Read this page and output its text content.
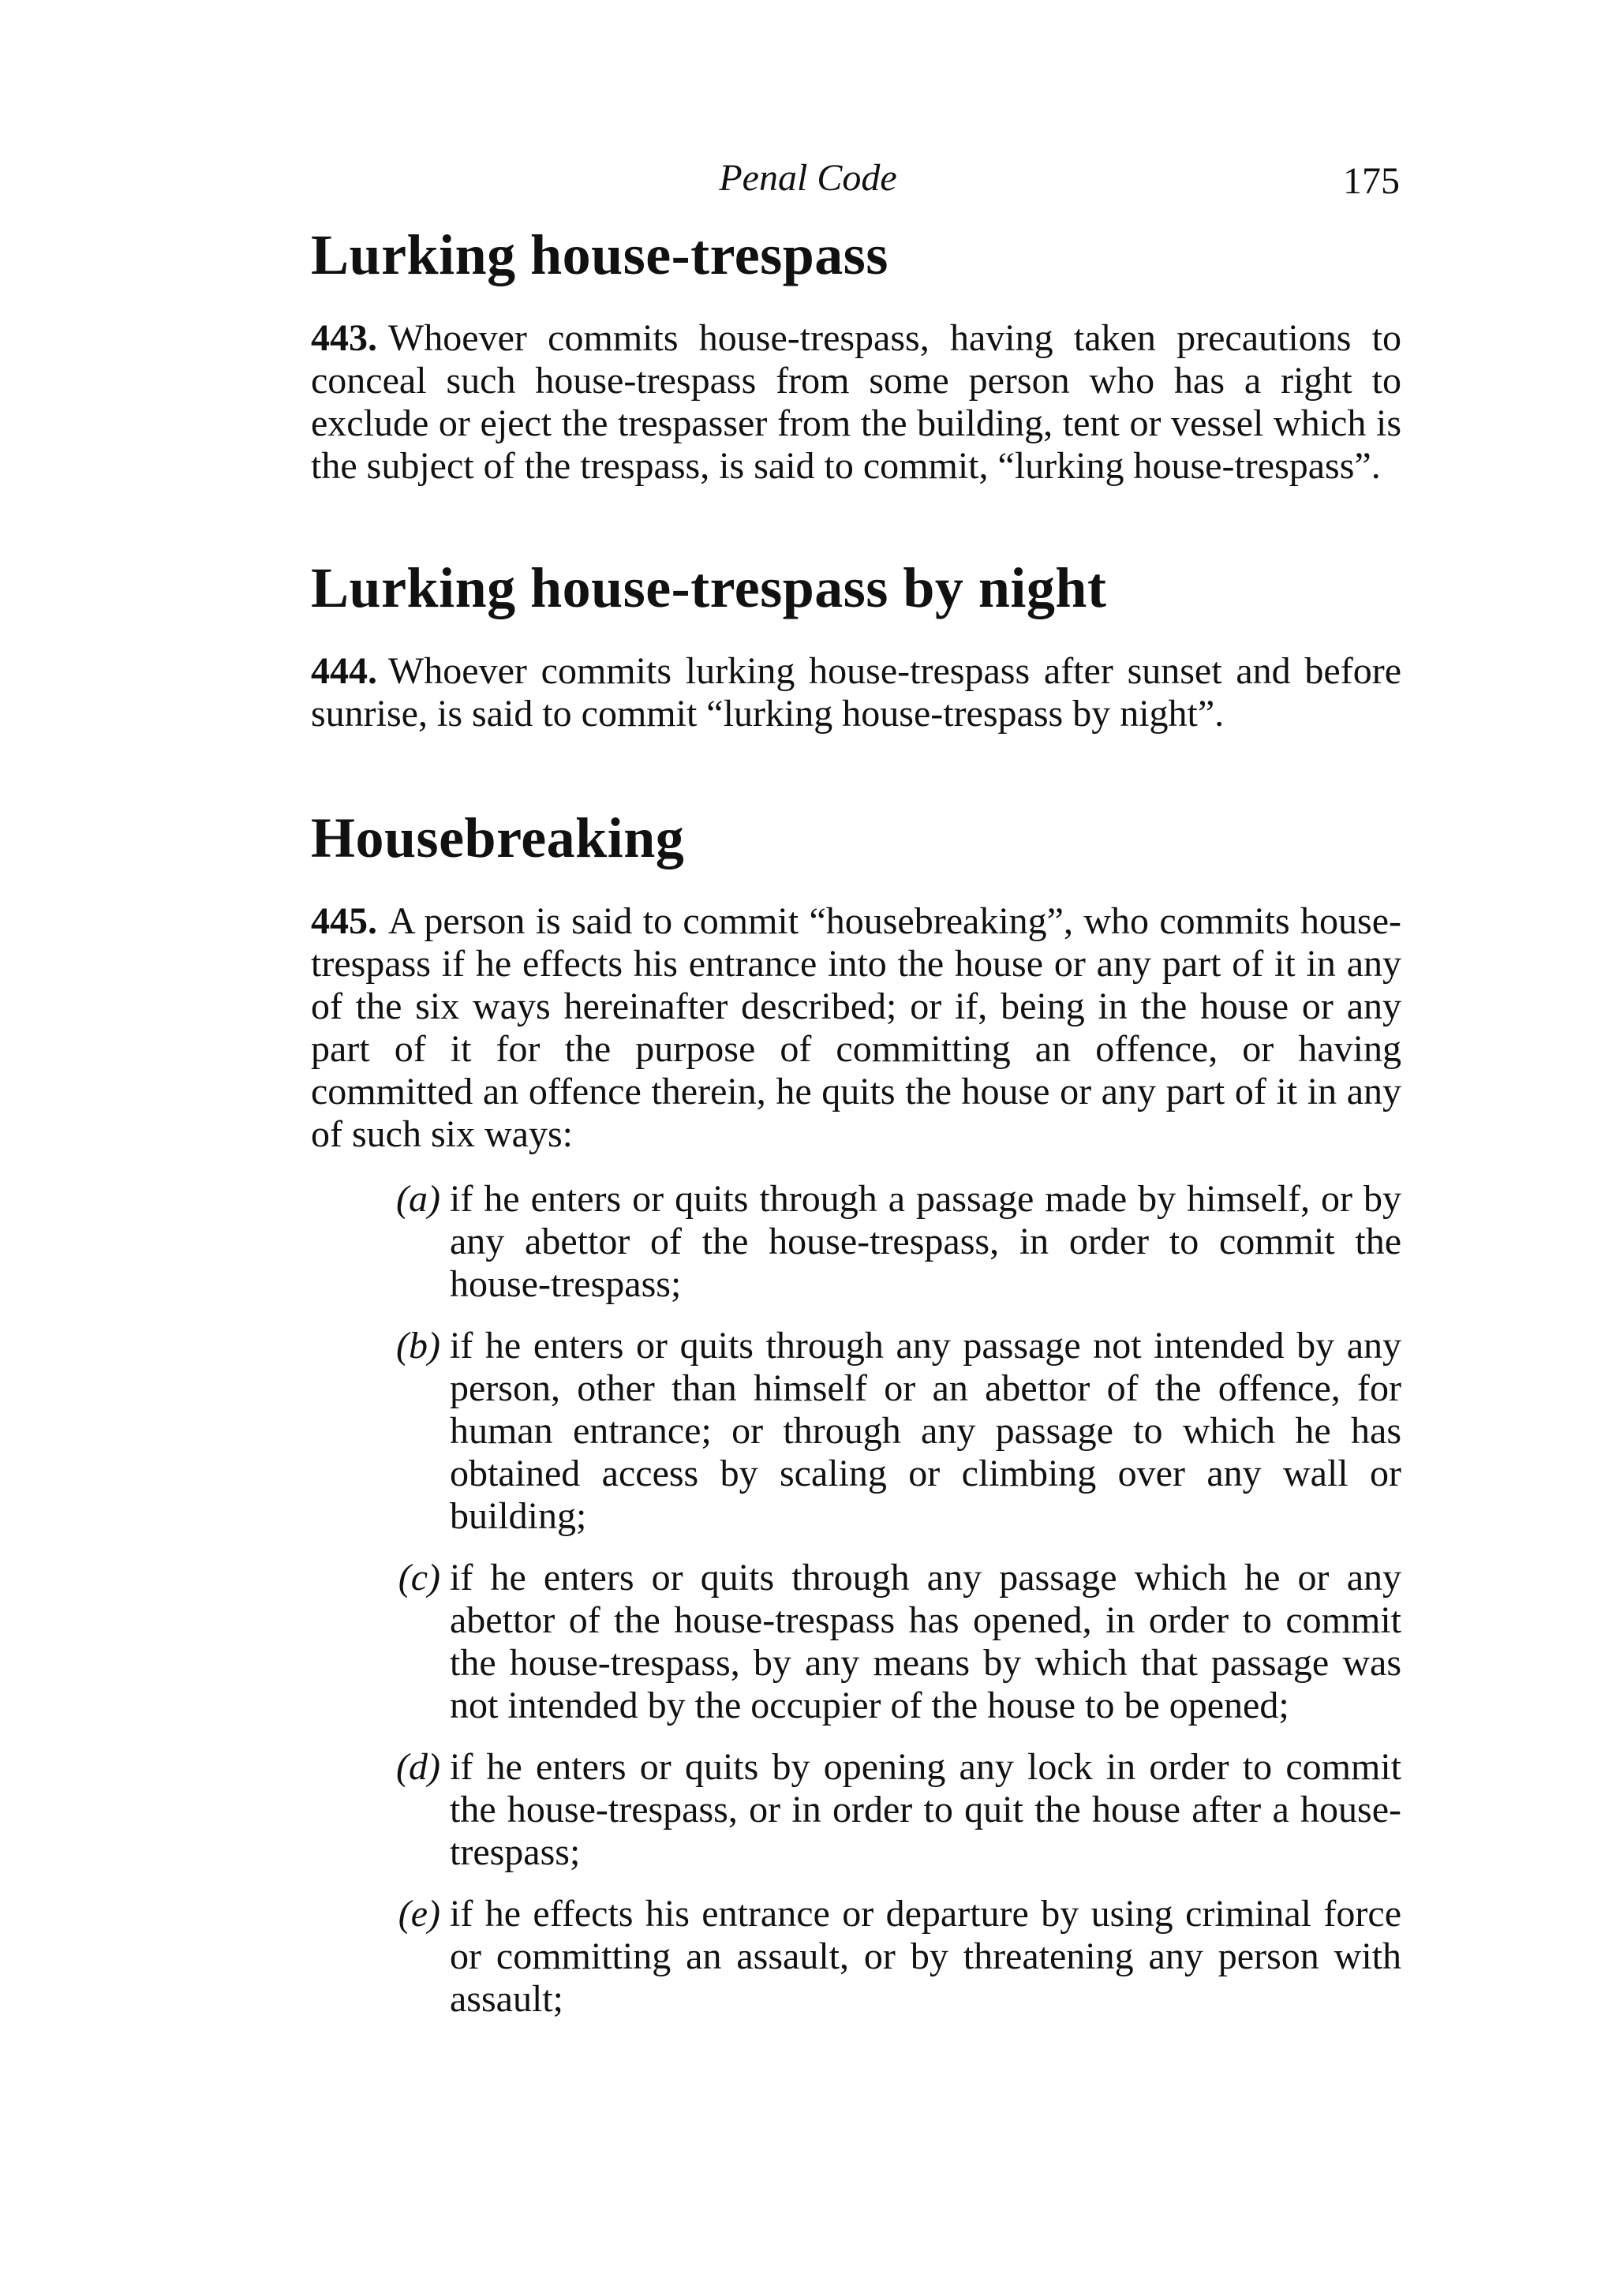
Penal Code	175
Lurking house-trespass

443. Whoever commits house-trespass, having taken precautions to conceal such house-trespass from some person who has a right to exclude or eject the trespasser from the building, tent or vessel which is the subject of the trespass, is said to commit, “lurking house-trespass”.

Lurking house-trespass by night

444. Whoever commits lurking house-trespass after sunset and before sunrise, is said to commit “lurking house-trespass by night”.

Housebreaking

445. A person is said to commit “housebreaking”, who commits house-trespass if he effects his entrance into the house or any part of it in any of the six ways hereinafter described; or if, being in the house or any part of it for the purpose of committing an offence, or having committed an offence therein, he quits the house or any part of it in any of such six ways:

(a) if he enters or quits through a passage made by himself, or by any abettor of the house-trespass, in order to commit the house-trespass;
(b) if he enters or quits through any passage not intended by any person, other than himself or an abettor of the offence, for human entrance; or through any passage to which he has obtained access by scaling or climbing over any wall or building;
(c) if he enters or quits through any passage which he or any abettor of the house-trespass has opened, in order to commit the house-trespass, by any means by which that passage was not intended by the occupier of the house to be opened;
(d) if he enters or quits by opening any lock in order to commit the house-trespass, or in order to quit the house after a house-trespass;
(e) if he effects his entrance or departure by using criminal force or committing an assault, or by threatening any person with assault;
